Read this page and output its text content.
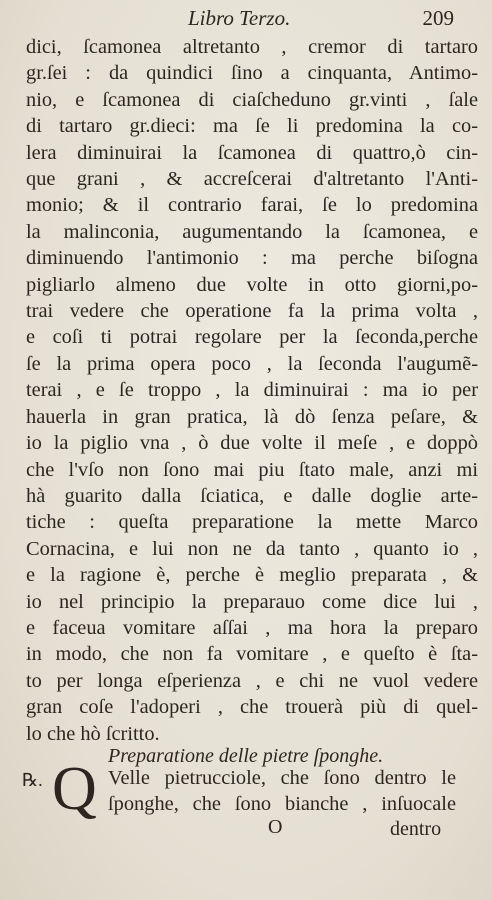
Libro Terzo.	209
dici, ſcamonea altretanto , cremor di tartaro
gr.ſei : da quindici ſino a cinquanta, Antimo-
nio, e ſcamonea di ciaſcheduno gr.vinti , ſale
di tartaro gr.dieci: ma ſe li predomina la co-
lera diminuirai la ſcamonea di quattro,ò cin-
que grani , & accreſcerai d'altretanto l'Anti-
monio; & il contrario farai, ſe lo predomina
la malinconia, augumentando la ſcamonea, e
diminuendo l'antimonio : ma perche biſogna
pigliarlo almeno due volte in otto giorni,po-
trai vedere che operatione fa la prima volta ,
e coſi ti potrai regolare per la ſeconda,perche
ſe la prima opera poco , la ſeconda l'augumẽ-
terai , e ſe troppo , la diminuirai : ma io per
hauerla in gran pratica, là dò ſenza peſare, &
io la piglio vna , ò due volte il meſe , e doppò
che l'vſo non ſono mai piu ſtato male, anzi mi
hà guarito dalla ſciatica, e dalle doglie arte-
tiche : queſta preparatione la mette Marco
Cornacina, e lui non ne da tanto , quanto io ,
e la ragione è, perche è meglio preparata , &
io nel principio la preparauo come dice lui ,
e faceua vomitare aſſai , ma hora la preparo
in modo, che non fa vomitare , e queſto è ſta-
to per longa eſperienza , e chi ne vuol vedere
gran coſe l'adoperi , che trouerà più di quel-
lo che hò ſcritto.
Preparatione delle pietre ſponghe.
℞. Q Velle pietrucciole, che ſono dentro le
ſponghe, che ſono bianche , inſuocale
O	dentro
